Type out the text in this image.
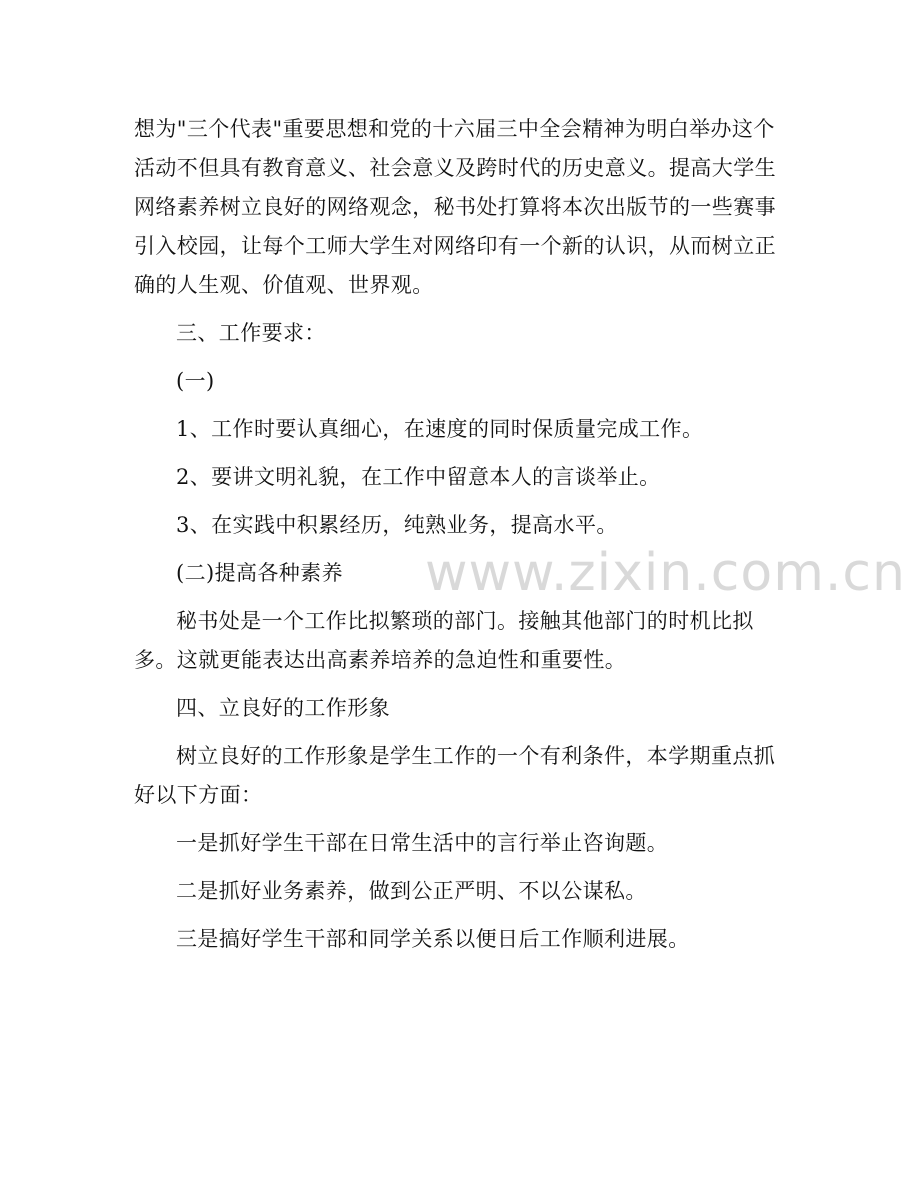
想为"三个代表"重要思想和党的十六届三中全会精神为明白举办这个活动不但具有教育意义、社会意义及跨时代的历史意义。提高大学生网络素养树立良好的网络观念，秘书处打算将本次出版节的一些赛事引入校园，让每个工师大学生对网络印有一个新的认识，从而树立正确的人生观、价值观、世界观。

三、工作要求：

(一)

1、工作时要认真细心，在速度的同时保质量完成工作。

2、要讲文明礼貌，在工作中留意本人的言谈举止。

3、在实践中积累经历，纯熟业务，提高水平。

(二)提高各种素养

秘书处是一个工作比拟繁琐的部门。接触其他部门的时机比拟多。这就更能表达出高素养培养的急迫性和重要性。

四、立良好的工作形象

树立良好的工作形象是学生工作的一个有利条件，本学期重点抓好以下方面：

一是抓好学生干部在日常生活中的言行举止咨询题。

二是抓好业务素养，做到公正严明、不以公谋私。

三是搞好学生干部和同学关系以便日后工作顺利进展。

www.zixin.com.cn
